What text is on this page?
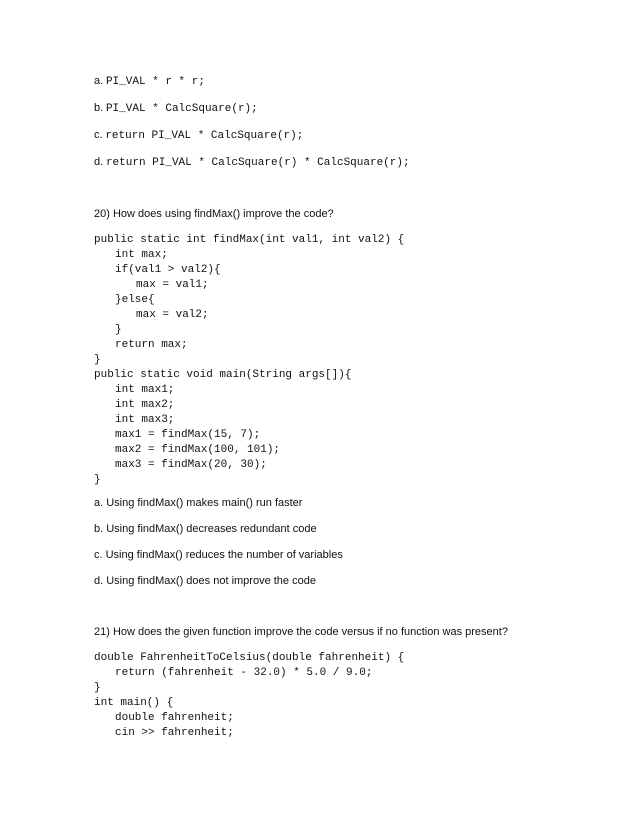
a. PI_VAL * r * r;
b. PI_VAL * CalcSquare(r);
c. return PI_VAL * CalcSquare(r);
d. return PI_VAL * CalcSquare(r) * CalcSquare(r);
20) How does using findMax() improve the code?
public static int findMax(int val1, int val2) {
int max;
if(val1 > val2){
max = val1;
}else{
max = val2;
}
return max;
}
public static void main(String args[]){
int max1;
int max2;
int max3;
max1 = findMax(15, 7);
max2 = findMax(100, 101);
max3 = findMax(20, 30);
}
a. Using findMax() makes main() run faster
b. Using findMax() decreases redundant code
c. Using findMax() reduces the number of variables
d. Using findMax() does not improve the code
21) How does the given function improve the code versus if no function was present?
double FahrenheitToCelsius(double fahrenheit) {
return (fahrenheit - 32.0) * 5.0 / 9.0;
}
int main() {
double fahrenheit;
cin >> fahrenheit;
